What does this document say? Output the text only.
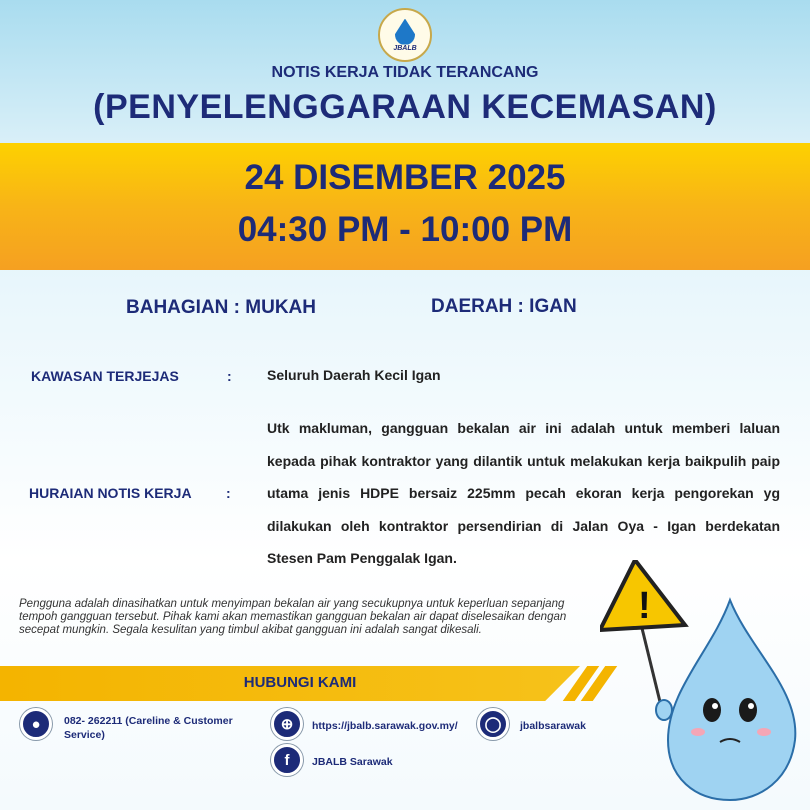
JBALB
NOTIS KERJA TIDAK TERANCANG
(PENYELENGGARAAN KECEMASAN)
24 DISEMBER 2025
04:30 PM - 10:00 PM
BAHAGIAN : MUKAH	DAERAH : IGAN
KAWASAN TERJEJAS	:	Seluruh Daerah Kecil Igan
HURAIAN NOTIS KERJA :
Utk makluman, gangguan bekalan air ini adalah untuk memberi laluan kepada pihak kontraktor yang dilantik untuk melakukan kerja baikpulih paip utama jenis HDPE bersaiz 225mm pecah ekoran kerja pengorekan yg dilakukan oleh kontraktor persendirian di Jalan Oya - Igan berdekatan Stesen Pam Penggalak Igan.
Pengguna adalah dinasihatkan untuk menyimpan bekalan air yang secukupnya untuk keperluan sepanjang tempoh gangguan tersebut. Pihak kami akan memastikan gangguan bekalan air dapat diselesaikan dengan secepat mungkin. Segala kesulitan yang timbul akibat gangguan ini adalah sangat dikesali.
HUBUNGI KAMI
●	082- 262211 (Careline & Customer Service)
⊕	https://jbalb.sarawak.gov.my/	◯	jbalbsarawak
f	JBALB Sarawak
!
